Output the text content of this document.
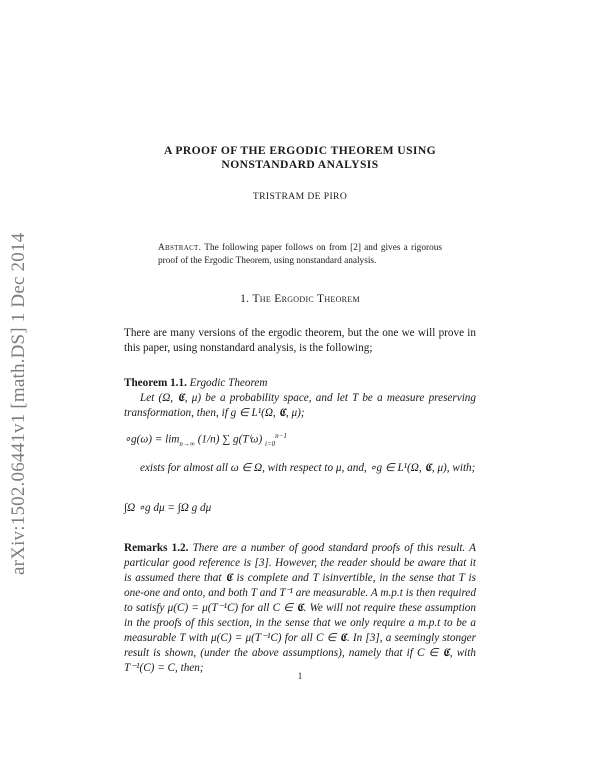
arXiv:1502.06441v1 [math.DS] 1 Dec 2014
A PROOF OF THE ERGODIC THEOREM USING
NONSTANDARD ANALYSIS
TRISTRAM DE PIRO
Abstract. The following paper follows on from [2] and gives a rigorous proof of the Ergodic Theorem, using nonstandard analysis.
1. The Ergodic Theorem
There are many versions of the ergodic theorem, but the one we will prove in this paper, using nonstandard analysis, is the following;
Theorem 1.1. Ergodic Theorem
Let (Ω, 𝕮, μ) be a probability space, and let T be a measure preserving transformation, then, if g ∈ L¹(Ω, 𝕮, μ);
∘g(ω) = $\lim_{n\to\infty} (1/n)$ ∑ g(Tⁱω) $_{i=0}^{n-1}$
exists for almost all ω ∈ Ω, with respect to μ, and, ∘g ∈ L¹(Ω, 𝕮, μ), with;
∫Ω ∘g dμ = ∫Ω g dμ
Remarks 1.2. There are a number of good standard proofs of this result. A particular good reference is [3]. However, the reader should be aware that it is assumed there that 𝕮 is complete and T isinvertible, in the sense that T is one-one and onto, and both T and T⁻¹ are measurable. A m.p.t is then required to satisfy μ(C) = μ(T⁻¹C) for all C ∈ 𝕮. We will not require these assumption in the proofs of this section, in the sense that we only require a m.p.t to be a measurable T with μ(C) = μ(T⁻¹C) for all C ∈ 𝕮. In [3], a seemingly stonger result is shown, (under the above assumptions), namely that if C ∈ 𝕮, with T⁻¹(C) = C, then;
1
